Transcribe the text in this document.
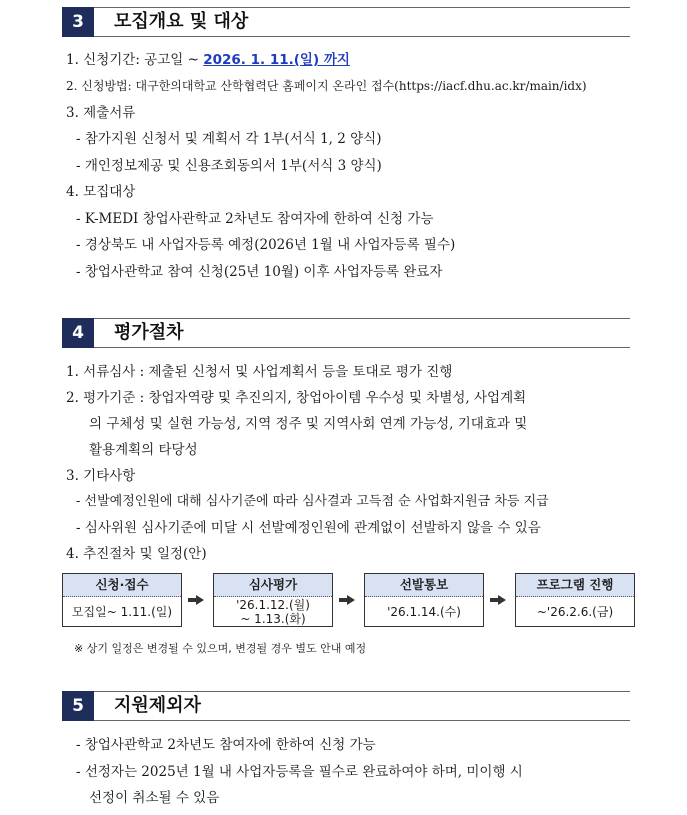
3	모집개요 및 대상
1. 신청기간: 공고일 ~ 2026. 1. 11.(일) 까지
2. 신청방법: 대구한의대학교 산학협력단 홈페이지 온라인 접수(https://iacf.dhu.ac.kr/main/idx)
3. 제출서류
- 참가지원 신청서 및 계획서 각 1부(서식 1, 2 양식)
- 개인정보제공 및 신용조회동의서 1부(서식 3 양식)
4. 모집대상
- K-MEDI 창업사관학교 2차년도 참여자에 한하여 신청 가능
- 경상북도 내 사업자등록 예정(2026년 1월 내 사업자등록 필수)
- 창업사관학교 참여 신청(25년 10월) 이후 사업자등록 완료자
4	평가절차
1. 서류심사 : 제출된 신청서 및 사업계획서 등을 토대로 평가 진행
2. 평가기준 : 창업자역량 및 추진의지, 창업아이템 우수성 및 차별성, 사업계획
의 구체성 및 실현 가능성, 지역 정주 및 지역사회 연계 가능성, 기대효과 및
활용계획의 타당성
3. 기타사항
- 선발예정인원에 대해 심사기준에 따라 심사결과 고득점 순 사업화지원금 차등 지급
- 심사위원 심사기준에 미달 시 선발예정인원에 관계없이 선발하지 않을 수 있음
4. 추진절차 및 일정(안)
신청·접수
모집일~ 1.11.(일)
심사평가
'26.1.12.(월)
~ 1.13.(화)
선발통보
'26.1.14.(수)
프로그램 진행
~'26.2.6.(금)
※ 상기 일정은 변경될 수 있으며, 변경될 경우 별도 안내 예정
5	지원제외자
- 창업사관학교 2차년도 참여자에 한하여 신청 가능
- 선정자는 2025년 1월 내 사업자등록을 필수로 완료하여야 하며, 미이행 시
선정이 취소될 수 있음
